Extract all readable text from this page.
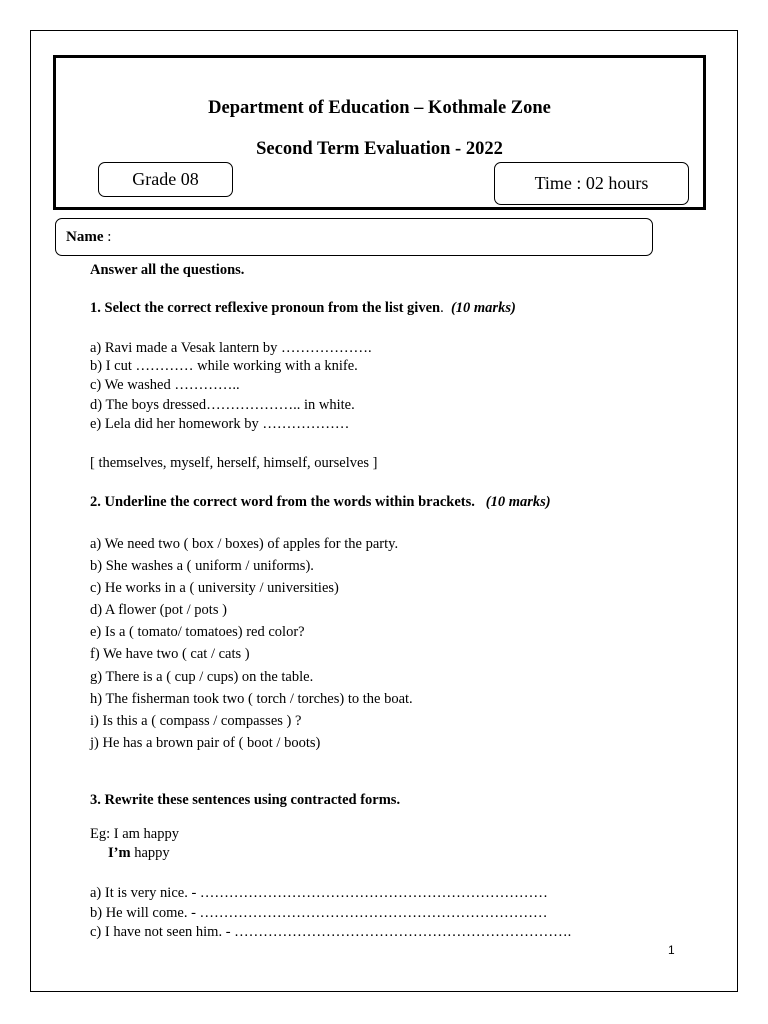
Department of Education – Kothmale Zone
Second Term Evaluation - 2022
Grade 08	Time : 02 hours
Name :
Answer all the questions.
1. Select the correct reflexive pronoun from the list given.  (10 marks)
a) Ravi made a Vesak lantern by ……………….
b) I cut ………… while working with a knife.
c) We washed …………..
d) The boys dressed……………….. in white.
e) Lela did her homework by ………………
[ themselves, myself, herself, himself, ourselves ]
2. Underline the correct word from the words within brackets. (10 marks)
a) We need two ( box / boxes) of apples for the party.
b) She washes a ( uniform / uniforms).
c) He works in a ( university / universities)
d) A flower (pot / pots )
e) Is a ( tomato/ tomatoes) red color?
f) We have two ( cat / cats )
g) There is a ( cup / cups) on the table.
h) The fisherman took two ( torch / torches) to the boat.
i) Is this a ( compass / compasses ) ?
j) He has a brown pair of ( boot / boots)
3. Rewrite these sentences using contracted forms.
Eg: I am happy
I’m happy
a) It is very nice. - ………………………………………………………………
b) He will come. - ………………………………………………………………
c) I have not seen him. - …………………………………………………………….
1
